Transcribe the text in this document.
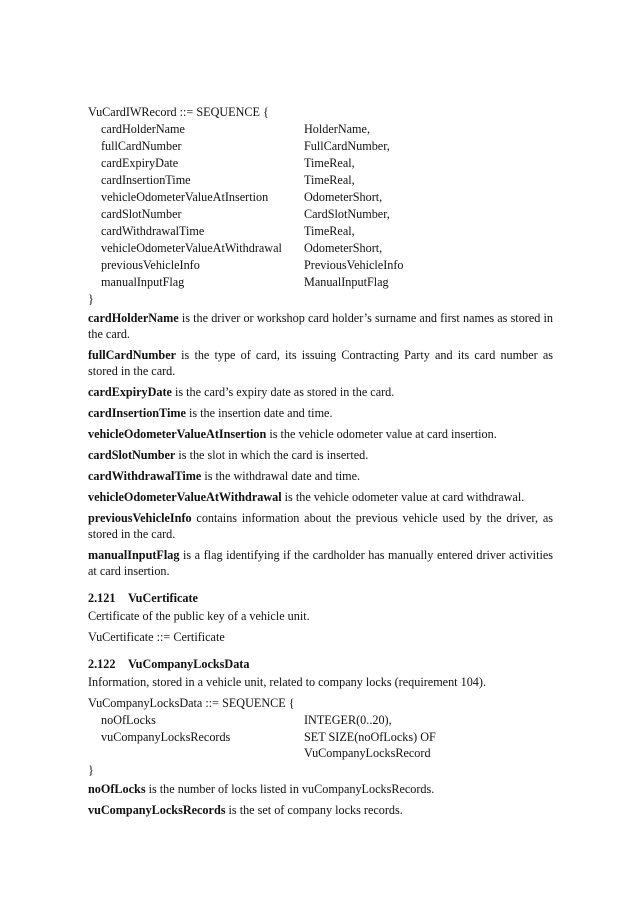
VuCardIWRecord ::= SEQUENCE {
cardHolderName	HolderName,
fullCardNumber	FullCardNumber,
cardExpiryDate	TimeReal,
cardInsertionTime	TimeReal,
vehicleOdometerValueAtInsertion	OdometerShort,
cardSlotNumber	CardSlotNumber,
cardWithdrawalTime	TimeReal,
vehicleOdometerValueAtWithdrawal	OdometerShort,
previousVehicleInfo	PreviousVehicleInfo
manualInputFlag	ManualInputFlag
}

cardHolderName is the driver or workshop card holder’s surname and first names as stored in the card.

fullCardNumber is the type of card, its issuing Contracting Party and its card number as stored in the card.

cardExpiryDate is the card’s expiry date as stored in the card.

cardInsertionTime is the insertion date and time.

vehicleOdometerValueAtInsertion is the vehicle odometer value at card insertion.

cardSlotNumber is the slot in which the card is inserted.

cardWithdrawalTime is the withdrawal date and time.

vehicleOdometerValueAtWithdrawal is the vehicle odometer value at card withdrawal.

previousVehicleInfo contains information about the previous vehicle used by the driver, as stored in the card.

manualInputFlag is a flag identifying if the cardholder has manually entered driver activities at card insertion.

2.121 VuCertificate

Certificate of the public key of a vehicle unit.

VuCertificate ::= Certificate

2.122 VuCompanyLocksData

Information, stored in a vehicle unit, related to company locks (requirement 104).

VuCompanyLocksData ::= SEQUENCE {
noOfLocks	INTEGER(0..20),
vuCompanyLocksRecords	SET SIZE(noOfLocks) OF
VuCompanyLocksRecord
}

noOfLocks is the number of locks listed in vuCompanyLocksRecords.

vuCompanyLocksRecords is the set of company locks records.
